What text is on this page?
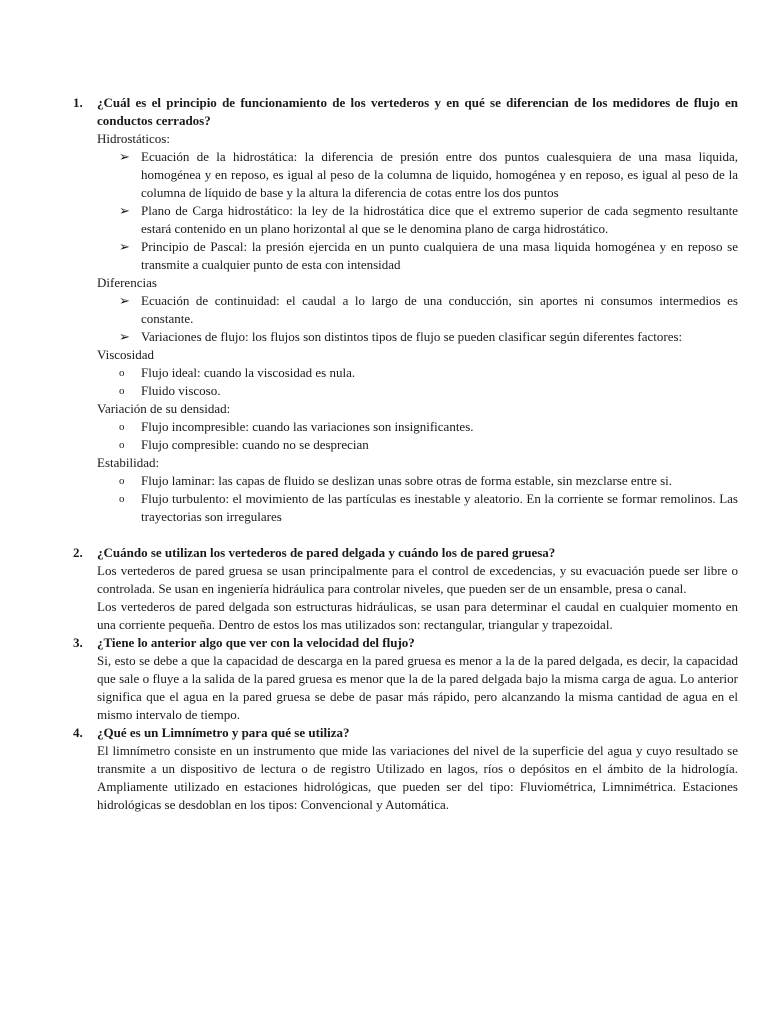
1.	¿Cuál es el principio de funcionamiento de los vertederos y en qué se diferencian de los medidores de flujo en conductos cerrados?
Hidrostáticos:
➢ Ecuación de la hidrostática: la diferencia de presión entre dos puntos cualesquiera de una masa liquida, homogénea y en reposo, es igual al peso de la columna de liquido, homogénea y en reposo, es igual al peso de la columna de líquido de base y la altura la diferencia de cotas entre los dos puntos
➢ Plano de Carga hidrostático: la ley de la hidrostática dice que el extremo superior de cada segmento resultante estará contenido en un plano horizontal al que se le denomina plano de carga hidrostático.
➢ Principio de Pascal: la presión ejercida en un punto cualquiera de una masa liquida homogénea y en reposo se transmite a cualquier punto de esta con intensidad
Diferencias
➢ Ecuación de continuidad: el caudal a lo largo de una conducción, sin aportes ni consumos intermedios es constante.
➢ Variaciones de flujo: los flujos son distintos tipos de flujo se pueden clasificar según diferentes factores:
Viscosidad
o	Flujo ideal: cuando la viscosidad es nula.
o	Fluido viscoso.
Variación de su densidad:
o	Flujo incompresible: cuando las variaciones son insignificantes.
o	Flujo compresible: cuando no se desprecian
Estabilidad:
o	Flujo laminar: las capas de fluido se deslizan unas sobre otras de forma estable, sin mezclarse entre si.
o	Flujo turbulento: el movimiento de las partículas es inestable y aleatorio. En la corriente se formar remolinos. Las trayectorias son irregulares
2.	¿Cuándo se utilizan los vertederos de pared delgada y cuándo los de pared gruesa?
Los vertederos de pared gruesa se usan principalmente para el control de excedencias, y su evacuación puede ser libre o controlada. Se usan en ingeniería hidráulica para controlar niveles, que pueden ser de un ensamble, presa o canal.
Los vertederos de pared delgada son estructuras hidráulicas, se usan para determinar el caudal en cualquier momento en una corriente pequeña. Dentro de estos los mas utilizados son: rectangular, triangular y trapezoidal.
3.	¿Tiene lo anterior algo que ver con la velocidad del flujo?
Si, esto se debe a que la capacidad de descarga en la pared gruesa es menor a la de la pared delgada, es decir, la capacidad que sale o fluye a la salida de la pared gruesa es menor que la de la pared delgada bajo la misma carga de agua. Lo anterior significa que el agua en la pared gruesa se debe de pasar más rápido, pero alcanzando la misma cantidad de agua en el mismo intervalo de tiempo.
4.	¿Qué es un Limnímetro y para qué se utiliza?
El limnímetro consiste en un instrumento que mide las variaciones del nivel de la superficie del agua y cuyo resultado se transmite a un dispositivo de lectura o de registro Utilizado en lagos, ríos o depósitos en el ámbito de la hidrología. Ampliamente utilizado en estaciones hidrológicas, que pueden ser del tipo: Fluviométrica, Limnimétrica. Estaciones hidrológicas se desdoblan en los tipos: Convencional y Automática.
